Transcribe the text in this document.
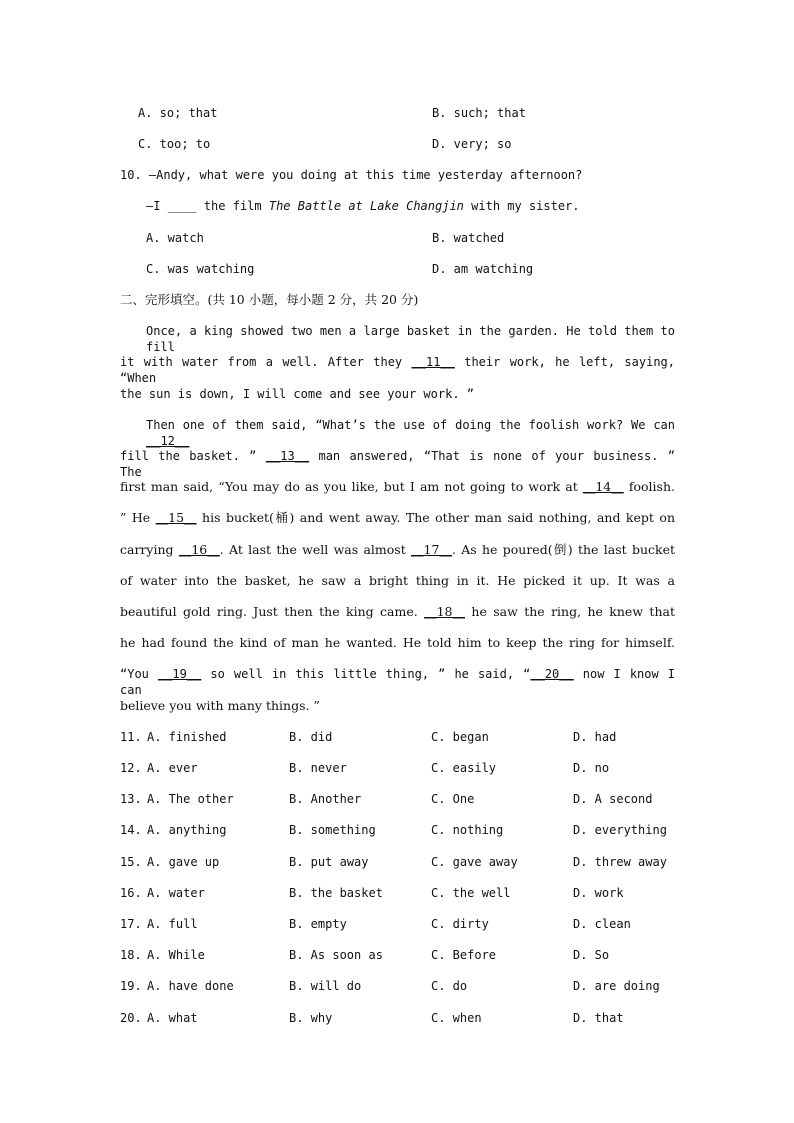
A. so; that	B. such; that
C. too; to	D. very; so
10. —Andy, what were you doing at this time yesterday afternoon?
—I ____ the film The Battle at Lake Changjin with my sister.
A. watch	B. watched
C. was watching	D. am watching
二、完形填空。(共 10 小题，每小题 2 分，共 20 分)
Once, a king showed two men a large basket in the garden. He told them to fill
it with water from a well. After they __11__ their work, he left, saying, “When
the sun is down, I will come and see your work. ”
Then one of them said, “What’s the use of doing the foolish work? We can __12__
fill the basket. ” __13__ man answered, “That is none of your business. ” The
first man said, “You may do as you like, but I am not going to work at __14__ foolish.
” He __15__ his bucket(桶) and went away. The other man said nothing, and kept on
carrying __16__. At last the well was almost __17__. As he poured(倒) the last bucket
of water into the basket, he saw a bright thing in it. He picked it up. It was a
beautiful gold ring. Just then the king came. __18__ he saw the ring, he knew that
he had found the kind of man he wanted. He told him to keep the ring for himself.
“You __19__ so well in this little thing, ” he said, “__20__ now I know I can
believe you with many things. ”
11. A. finished	B. did	C. began	D. had
12. A. ever	B. never	C. easily	D. no
13. A. The other	B. Another	C. One	D. A second
14. A. anything	B. something	C. nothing	D. everything
15. A. gave up	B. put away	C. gave away	D. threw away
16. A. water	B. the basket	C. the well	D. work
17. A. full	B. empty	C. dirty	D. clean
18. A. While	B. As soon as	C. Before	D. So
19. A. have done	B. will do	C. do	D. are doing
20. A. what	B. why	C. when	D. that
